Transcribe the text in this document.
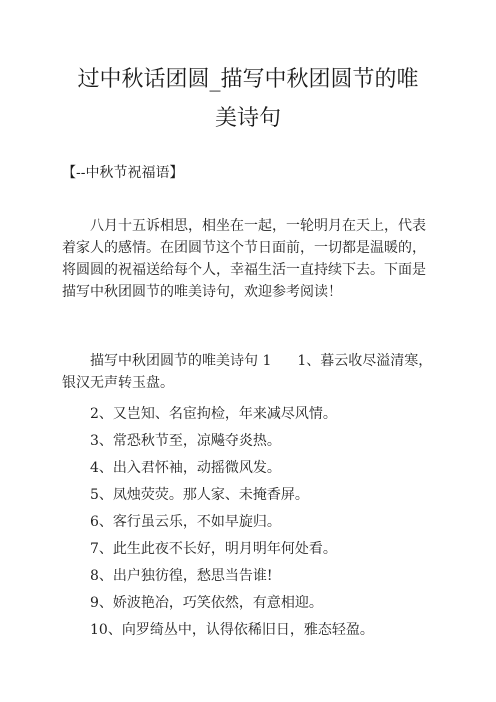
过中秋话团圆_描写中秋团圆节的唯
美诗句

【--中秋节祝福语】

八月十五诉相思，相坐在一起，一轮明月在天上，代表着家人的感情。在团圆节这个节日面前，一切都是温暖的，将圆圆的祝福送给每个人，幸福生活一直持续下去。下面是描写中秋团圆节的唯美诗句，欢迎参考阅读！

描写中秋团圆节的唯美诗句 1 1、暮云收尽溢清寒，银汉无声转玉盘。

2、又岂知、名宦拘检，年来减尽风情。

3、常恐秋节至，凉飚夺炎热。

4、出入君怀袖，动摇微风发。

5、凤烛荧荧。那人家、未掩香屏。

6、客行虽云乐，不如早旋归。

7、此生此夜不长好，明月明年何处看。

8、出户独彷徨，愁思当告谁!

9、娇波艳冶，巧笑依然，有意相迎。

10、向罗绮丛中，认得依稀旧日，雅态轻盈。
